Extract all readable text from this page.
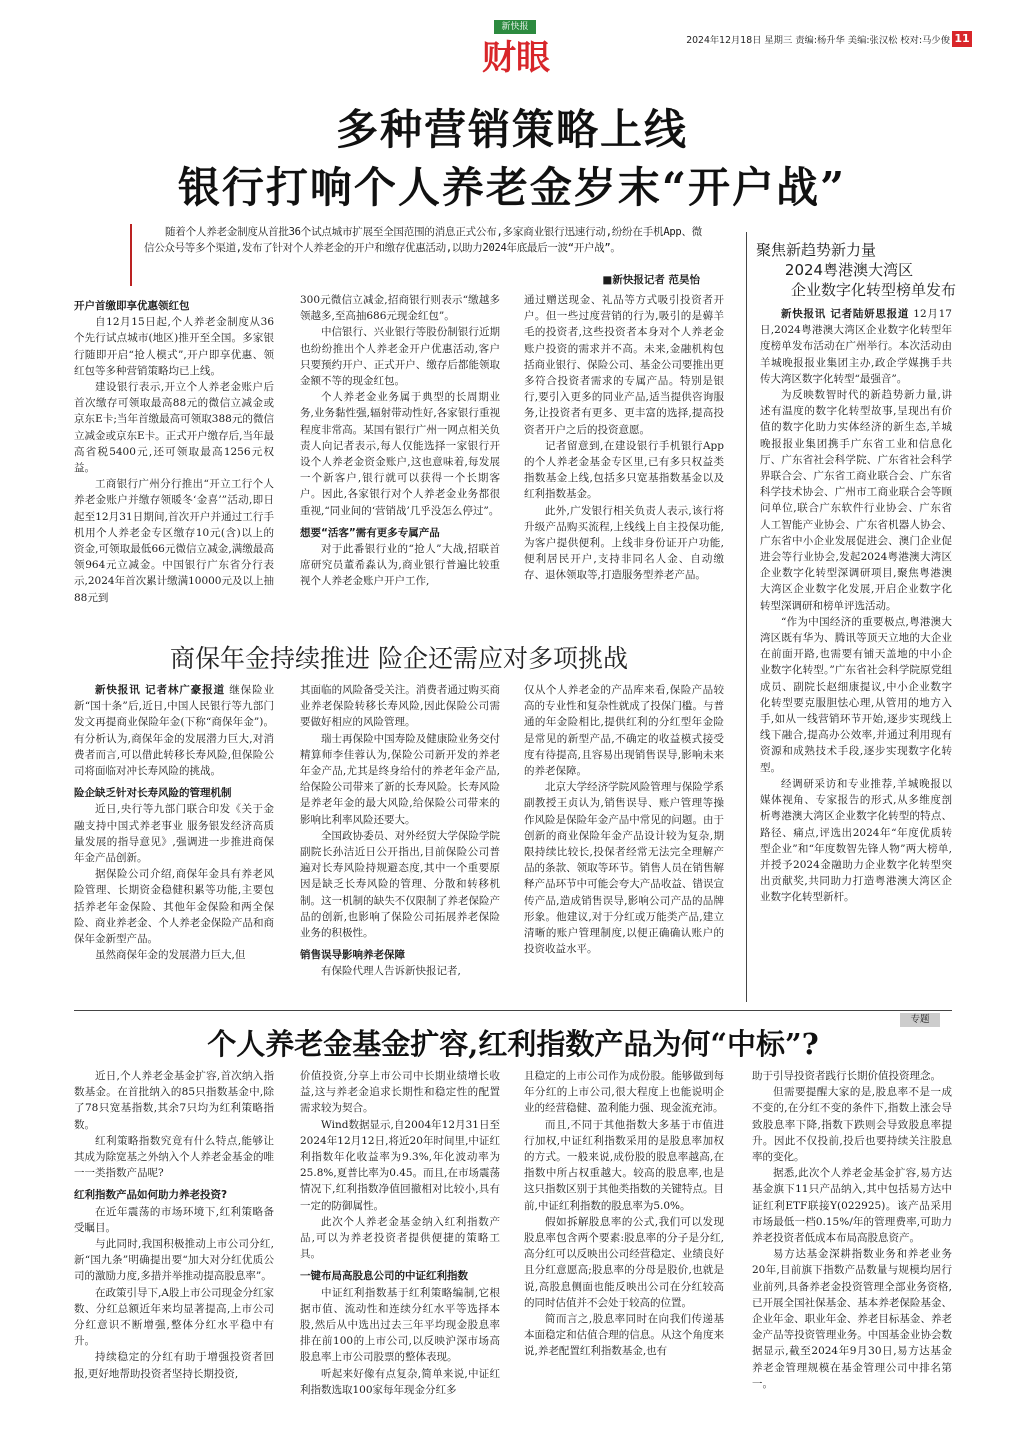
新快报
财眼	2024年12月18日 星期三 责编:杨升华 美编:张汉松 校对:马少俊 11
多种营销策略上线
银行打响个人养老金岁末“开户战”
随着个人养老金制度从首批36个试点城市扩展至全国范围的消息正式公布,多家商业银行迅速行动,纷纷在手机App、微信公众号等多个渠道,发布了针对个人养老金的开户和缴存优惠活动,以助力2024年底最后一波“开户战”。
■新快报记者 范昊怡
开户首缴即享优惠领红包

自12月15日起,个人养老金制度从36个先行试点城市(地区)推开至全国。多家银行随即开启“抢人模式”,开户即享优惠、领红包等多种营销策略均已上线。

建设银行表示,开立个人养老金账户后首次缴存可领取最高88元的微信立减金或京东E卡;当年首缴最高可领取388元的微信立减金或京东E卡。正式开户缴存后,当年最高省税5400元,还可领取最高1256元权益。

工商银行广州分行推出“开立工行个人养老金账户并缴存领暖冬‘金喜’”活动,即日起至12月31日期间,首次开户并通过工行手机用个人养老金专区缴存10元(含)以上的资金,可领取最低66元微信立减金,满缴最高领964元立减金。中国银行广东省分行表示,2024年首次累计缴满10000元及以上抽88元到

300元微信立减金,招商银行则表示“缴越多领越多,至高抽686元现金红包”。

中信银行、兴业银行等股份制银行近期也纷纷推出个人养老金开户优惠活动,客户只要预约开户、正式开户、缴存后都能领取金额不等的现金红包。

个人养老金业务属于典型的长周期业务,业务黏性强,辐射带动性好,各家银行重视程度非常高。某国有银行广州一网点相关负责人向记者表示,每人仅能选择一家银行开设个人养老金资金账户,这也意味着,每发展一个新客户,银行就可以获得一个长期客户。因此,各家银行对个人养老金业务都很重视,“同业间的‘营销战’几乎没怎么停过”。

想要“活客”需有更多专属产品

对于此番银行业的“抢人”大战,招联首席研究员董希淼认为,商业银行普遍比较重视个人养老金账户开户工作,

通过赠送现金、礼品等方式吸引投资者开户。但一些过度营销的行为,吸引的是薅羊毛的投资者,这些投资者本身对个人养老金账户投资的需求并不高。未来,金融机构包括商业银行、保险公司、基金公司要推出更多符合投资者需求的专属产品。特别是银行,要引入更多的同业产品,适当提供咨询服务,让投资者有更多、更丰富的选择,提高投资者开户之后的投资意愿。

记者留意到,在建设银行手机银行App的个人养老金基金专区里,已有多只权益类指数基金上线,包括多只宽基指数基金以及红利指数基金。

此外,广发银行相关负责人表示,该行将升级产品购买流程,上线线上自主投保功能,为客户提供便利。上线非身份证开户功能,便利居民开户,支持非同名人金、自动缴存、退休领取等,打造服务型养老产品。

聚焦新趋势新力量
2024粤港澳大湾区
企业数字化转型榜单发布

新快报讯 记者陆妍思报道 12月17日,2024粤港澳大湾区企业数字化转型年度榜单发布活动在广州举行。本次活动由羊城晚报报业集团主办,政企学媒携手共传大湾区数字化转型“最强音”。

为反映数智时代的新趋势新力量,讲述有温度的数字化转型故事,呈现出有价值的数字化助力实体经济的新生态,羊城晚报报业集团携手广东省工业和信息化厅、广东省社会科学院、广东省社会科学界联合会、广东省工商业联合会、广东省科学技术协会、广州市工商业联合会等顾问单位,联合广东软件行业协会、广东省人工智能产业协会、广东省机器人协会、广东省中小企业发展促进会、澳门企业促进会等行业协会,发起2024粤港澳大湾区企业数字化转型深调研项目,聚焦粤港澳大湾区企业数字化发展,开启企业数字化转型深调研和榜单评选活动。

“作为中国经济的重要极点,粤港澳大湾区既有华为、腾讯等顶天立地的大企业在前面开路,也需要有铺天盖地的中小企业数字化转型。”广东省社会科学院原党组成员、副院长赵细康提议,中小企业数字化转型要克服胆怯心理,从管用的地方入手,如从一线营销环节开始,逐步实现线上线下融合,提高办公效率,并通过利用现有资源和成熟技术手段,逐步实现数字化转型。

经调研采访和专业推荐,羊城晚报以媒体视角、专家报告的形式,从多维度剖析粤港澳大湾区企业数字化转型的特点、路径、痛点,评选出2024年“年度优质转型企业”和“年度数智先锋人物”两大榜单,并授予2024金融助力企业数字化转型突出贡献奖,共同助力打造粤港澳大湾区企业数字化转型新杆。

商保年金持续推进 险企还需应对多项挑战

新快报讯 记者林广豪报道 继保险业新“国十条”后,近日,中国人民银行等九部门发文再提商业保险年金(下称“商保年金”)。有分析认为,商保年金的发展潜力巨大,对消费者而言,可以借此转移长寿风险,但保险公司将面临对冲长寿风险的挑战。

险企缺乏针对长寿风险的管理机制

近日,央行等九部门联合印发《关于金融支持中国式养老事业 服务银发经济高质量发展的指导意见》,强调进一步推进商保年金产品创新。

据保险公司介绍,商保年金具有养老风险管理、长期资金稳健积累等功能,主要包括养老年金保险、其他年金保险和两全保险、商业养老金、个人养老金保险产品和商保年金新型产品。

虽然商保年金的发展潜力巨大,但

其面临的风险备受关注。消费者通过购买商业养老保险转移长寿风险,因此保险公司需要做好相应的风险管理。

瑞士再保险中国寿险及健康险业务交付精算师李佳蓉认为,保险公司新开发的养老年金产品,尤其是终身给付的养老年金产品,给保险公司带来了新的长寿风险。长寿风险是养老年金的最大风险,给保险公司带来的影响比利率风险还要大。

全国政协委员、对外经贸大学保险学院副院长孙洁近日公开指出,目前保险公司普遍对长寿风险持规避态度,其中一个重要原因是缺乏长寿风险的管理、分散和转移机制。这一机制的缺失不仅限制了养老保险产品的创新,也影响了保险公司拓展养老保险业务的积极性。

销售误导影响养老保障

有保险代理人告诉新快报记者,

仅从个人养老金的产品库来看,保险产品较高的专业性和复杂性就成了投保门槛。与普通的年金险相比,提供红利的分红型年金险是常见的新型产品,不确定的收益模式接受度有待提高,且容易出现销售误导,影响未来的养老保障。

北京大学经济学院风险管理与保险学系副教授王贞认为,销售误导、账户管理等操作风险是保险年金产品中常见的问题。由于创新的商业保险年金产品设计较为复杂,期限持续比较长,投保者经常无法完全理解产品的条款、领取等环节。销售人员在销售解释产品环节中可能会夸大产品收益、错误宣传产品,造成销售误导,影响公司产品的品牌形象。他建议,对于分红或万能类产品,建立清晰的账户管理制度,以便正确确认账户的投资收益水平。

专题
个人养老金基金扩容,红利指数产品为何“中标”?

近日,个人养老金基金扩容,首次纳入指数基金。在首批纳入的85只指数基金中,除了78只宽基指数,其余7只均为红利策略指数。

红利策略指数究竟有什么特点,能够让其成为除宽基之外纳入个人养老金基金的唯一一类指数产品呢?

红利指数产品如何助力养老投资?

在近年震荡的市场环境下,红利策略备受瞩目。

与此同时,我国积极推动上市公司分红,新“国九条”明确提出要“加大对分红优质公司的激励力度,多措并举推动提高股息率”。

在政策引导下,A股上市公司现金分红家数、分红总额近年来均显著提高,上市公司分红意识不断增强,整体分红水平稳中有升。

持续稳定的分红有助于增强投资者回报,更好地帮助投资者坚持长期投资,

价值投资,分享上市公司中长期业绩增长收益,这与养老金追求长期性和稳定性的配置需求较为契合。

Wind数据显示,自2004年12月31日至2024年12月12日,将近20年时间里,中证红利指数年化收益率为9.3%,年化波动率为25.8%,夏普比率为0.45。而且,在市场震荡情况下,红利指数净值回撤相对比较小,具有一定的防御属性。

此次个人养老金基金纳入红利指数产品,可以为养老投资者提供便捷的策略工具。

一键布局高股息公司的中证红利指数

中证红利指数基于红利策略编制,它根据市值、流动性和连续分红水平等选择本股,然后从中选出过去三年平均现金股息率排在前100的上市公司,以反映沪深市场高股息率上市公司股票的整体表现。

听起来好像有点复杂,简单来说,中证红利指数选取100家每年现金分红多

且稳定的上市公司作为成份股。能够做到每年分红的上市公司,很大程度上也能说明企业的经营稳健、盈利能力强、现金流充沛。

而且,不同于其他指数大多基于市值进行加权,中证红利指数采用的是股息率加权的方式。一般来说,成份股的股息率越高,在指数中所占权重越大。较高的股息率,也是这只指数区别于其他类指数的关键特点。目前,中证红利指数的股息率为5.0%。

假如拆解股息率的公式,我们可以发现股息率包含两个要素:股息率的分子是分红,高分红可以反映出公司经营稳定、业绩良好且分红意愿高;股息率的分母是股价,也就是说,高股息侧面也能反映出公司在分红较高的同时估值并不会处于较高的位置。

简而言之,股息率同时在向我们传递基本面稳定和估值合理的信息。从这个角度来说,养老配置红利指数基金,也有

助于引导投资者践行长期价值投资理念。

但需要提醒大家的是,股息率不是一成不变的,在分红不变的条件下,指数上涨会导致股息率下降,指数下跌则会导致股息率提升。因此不仅投前,投后也要持续关注股息率的变化。

据悉,此次个人养老金基金扩容,易方达基金旗下11只产品纳入,其中包括易方达中证红利ETF联接Y(022925)。该产品采用市场最低一档0.15%/年的管理费率,可助力养老投资者低成本布局高股息资产。

易方达基金深耕指数业务和养老业务20年,目前旗下指数产品数量与规模均居行业前列,具备养老金投资管理全部业务资格,已开展全国社保基金、基本养老保险基金、企业年金、职业年金、养老目标基金、养老金产品等投资管理业务。中国基金业协会数据显示,截至2024年9月30日,易方达基金养老金管理规模在基金管理公司中排名第一。
